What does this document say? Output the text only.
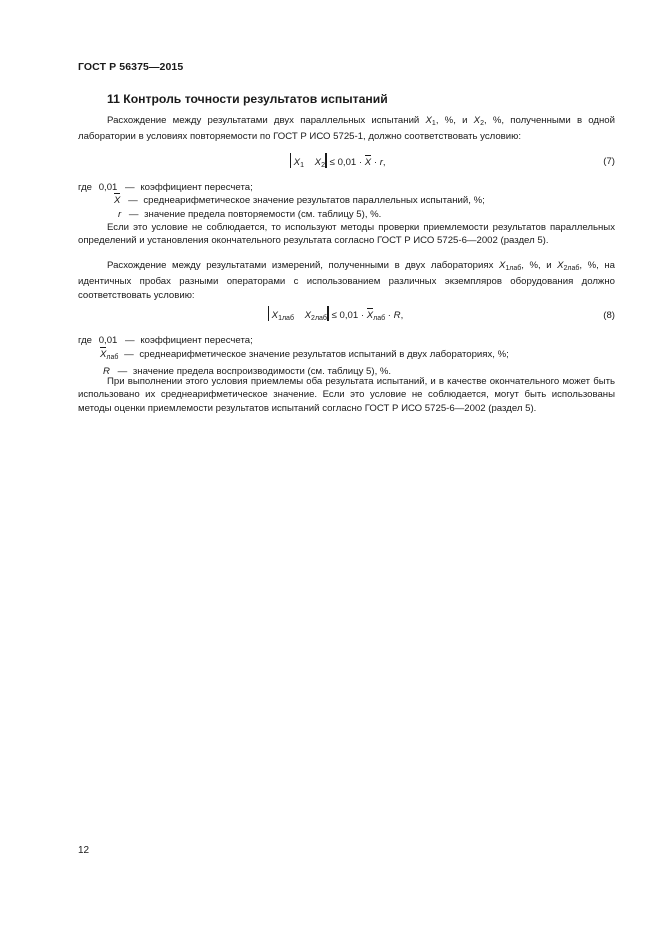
ГОСТ Р 56375—2015
11 Контроль точности результатов испытаний
Расхождение между результатами двух параллельных испытаний $X_1$, %, и $X_2$, %, полученными в одной лаборатории в условиях повторяемости по ГОСТ Р ИСО 5725-1, должно соответствовать условию:
$X_1$ $X_2 \le 0,01 \cdot X \cdot r$,	(7)
где 0,01 — коэффициент пересчета;
X — среднеарифметическое значение результатов параллельных испытаний, %;
r — значение предела повторяемости (см. таблицу 5), %.
Если это условие не соблюдается, то используют методы проверки приемлемости результатов параллельных определений и установления окончательного результата согласно ГОСТ Р ИСО 5725-6—2002 (раздел 5).
Расхождение между результатами измерений, полученными в двух лабораториях $X_{1лаб}$, %, и $X_{2лаб}$, %, на идентичных пробах разными операторами с использованием различных экземпляров оборудования должно соответствовать условию:
$X_{1лаб}$ $X_{2лаб} \le 0,01 \cdot X_{лаб} \cdot R$,	(8)
где 0,01 — коэффициент пересчета;
$X_{лаб}$ — среднеарифметическое значение результатов испытаний в двух лабораториях, %;
R — значение предела воспроизводимости (см. таблицу 5), %.
При выполнении этого условия приемлемы оба результата испытаний, и в качестве окончательного может быть использовано их среднеарифметическое значение. Если это условие не соблюдается, могут быть использованы методы оценки приемлемости результатов испытаний согласно ГОСТ Р ИСО 5725-6—2002 (раздел 5).
12
